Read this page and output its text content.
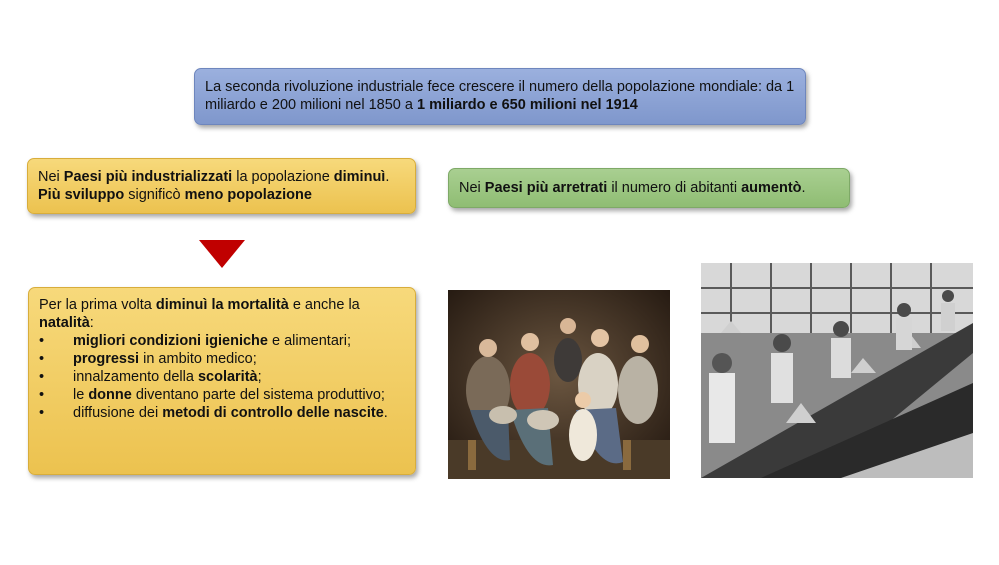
La seconda rivoluzione industriale fece crescere il numero della popolazione mondiale: da 1 miliardo e 200 milioni nel 1850 a 1 miliardo e 650 milioni nel 1914
Nei Paesi più industrializzati la popolazione diminuì. Più sviluppo significò meno popolazione	Nei Paesi più arretrati il numero di abitanti aumentò.
Per la prima volta diminuì la mortalità e anche la natalità:
• migliori condizioni igieniche e alimentari;
• progressi in ambito medico;
• innalzamento della scolarità;
• le donne diventano parte del sistema produttivo;
• diffusione dei metodi di controllo delle nascite.
